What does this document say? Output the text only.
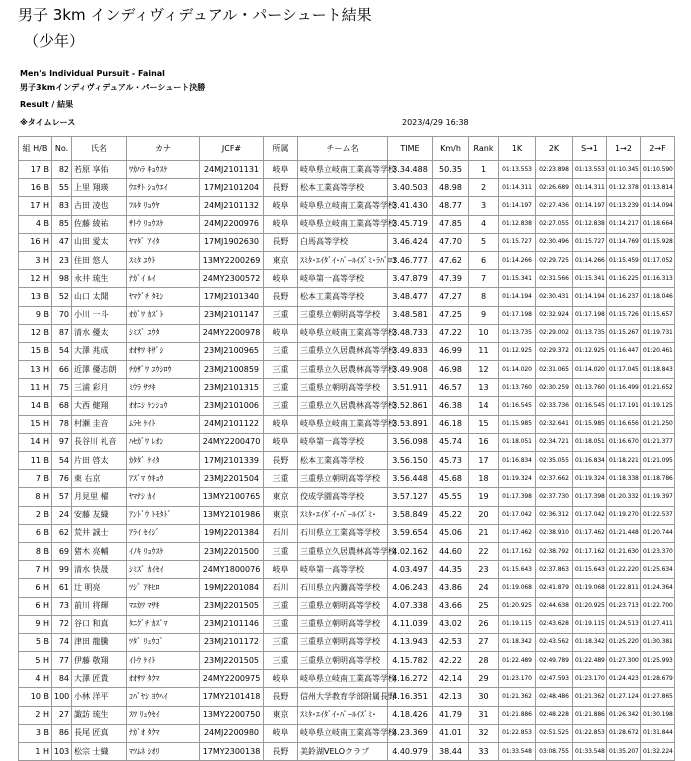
男子 3km インディヴィデュアル・パーシュート結果
（少年）
Men's Individual Pursuit - Fainal
男子3kmインディヴィデュアル・パーシュート決勝
Result / 結果
※タイムレース	2023/4/29 16:38
組 H/B	No.	氏名	カナ	JCF#	所属	チーム名	TIME	Km/h	Rank	1K	2K	S→1	1→2	2→F
17 B	82	若原 享佑	ﾜｶﾊﾗ ｷｮｳｽｹ	24MJ2101131	岐阜	岐阜県立岐南工業高等学校	3.34.488	50.35	1	01:13.553	02:23.898	01:13.553	01:10.345	01:10.590
16 B	55	上里 翔瑛	ｳｴｻﾄ ｼｮｳｴｲ	17MJ2101204	長野	松本工業高等学校	3.40.503	48.98	2	01:14.311	02:26.689	01:14.311	01:12.378	01:13.814
17 H	83	古田 凌也	ﾌﾙﾀ ﾘｮｳﾔ	24MJ2101132	岐阜	岐阜県立岐南工業高等学校	3.41.430	48.77	3	01:14.197	02:27.436	01:14.197	01:13.239	01:14.094
4 B	85	佐藤 綾祐	ｻﾄｳ ﾘｮｳｽｹ	24MJ2200976	岐阜	岐阜県立岐南工業高等学校	3.45.719	47.85	4	01:12.838	02:27.055	01:12.838	01:14.217	01:18.664
16 H	47	山田 愛太	ﾔﾏﾀﾞ ｱｲﾀ	17MJ1902630	長野	白馬高等学校	3.46.424	47.70	5	01:15.727	02:30.496	01:15.727	01:14.769	01:15.928
3 H	23	住田 悠人	ｽﾐﾀ ﾕｳﾄ	13MY2200269	東京	ｽﾐﾀ･ｴｲﾀﾞｲ･ﾊﾟｰﾙｲｽﾞﾐ･ﾗﾊﾟﾛｺ	3.46.777	47.62	6	01:14.266	02:29.725	01:14.266	01:15.459	01:17.052
12 H	98	永井 琉生	ﾅｶﾞｲ ﾙｲ	24MY2300572	岐阜	岐阜第一高等学校	3.47.879	47.39	7	01:15.341	02:31.566	01:15.341	01:16.225	01:16.313
13 B	52	山口 太聞	ﾔﾏｸﾞﾁ ﾀﾓﾝ	17MJ2101340	長野	松本工業高等学校	3.48.477	47.27	8	01:14.194	02:30.431	01:14.194	01:16.237	01:18.046
9 B	70	小川 一斗	ｵｶﾞﾜ ｶｽﾞﾄ	23MJ2101147	三重	三重県立朝明高等学校	3.48.581	47.25	9	01:17.198	02:32.924	01:17.198	01:15.726	01:15.657
12 B	87	清水 優太	ｼﾐｽﾞ ﾕｳﾀ	24MY2200978	岐阜	岐阜県立岐南工業高等学校	3.48.733	47.22	10	01:13.735	02:29.002	01:13.735	01:15.267	01:19.731
15 B	54	大澤 兆成	ｵｵｻﾜ ｷｻﾞｼ	23MJ2100965	三重	三重県立久居農林高等学校	3.49.833	46.99	11	01:12.925	02:29.372	01:12.925	01:16.447	01:20.461
13 H	66	近澤 優志朗	ﾁｶｻﾞﾜ ﾕｳｼﾛｳ	23MJ2100859	三重	三重県立久居農林高等学校	3.49.908	46.98	12	01:14.020	02:31.065	01:14.020	01:17.045	01:18.843
11 H	75	三浦 彩月	ﾐｳﾗ ｻﾂｷ	23MJ2101315	三重	三重県立朝明高等学校	3.51.911	46.57	13	01:13.760	02:30.259	01:13.760	01:16.499	01:21.652
14 B	68	大西 健翔	ｵｵﾆｼ ｹﾝｼｮｳ	23MJ2101006	三重	三重県立久居農林高等学校	3.52.861	46.38	14	01:16.545	02:33.736	01:16.545	01:17.191	01:19.125
15 H	78	村瀬 圭音	ﾑﾗｾ ｹｲﾄ	24MJ2101122	岐阜	岐阜県立岐南工業高等学校	3.53.891	46.18	15	01:15.985	02:32.641	01:15.985	01:16.656	01:21.250
14 H	97	長谷川 礼音	ﾊｾｶﾞﾜ ﾚｵﾝ	24MY2200470	岐阜	岐阜第一高等学校	3.56.098	45.74	16	01:18.051	02:34.721	01:18.051	01:16.670	01:21.377
11 B	54	片田 啓太	ｶﾀﾀﾞ ｹｲﾀ	17MJ2101339	長野	松本工業高等学校	3.56.150	45.73	17	01:16.834	02:35.055	01:16.834	01:18.221	01:21.095
7 B	76	東 右京	ｱｽﾞﾏ ｳｷｮｳ	23MJ2201504	三重	三重県立朝明高等学校	3.56.448	45.68	18	01:19.324	02:37.662	01:19.324	01:18.338	01:18.786
8 H	57	月見里 櫂	ﾔﾏﾅｼ ｶｲ	13MY2100765	東京	佼成学園高等学校	3.57.127	45.55	19	01:17.398	02:37.730	01:17.398	01:20.332	01:19.397
2 B	24	安藤 友織	ｱﾝﾄﾞｳ ﾄﾓﾀﾄﾞ	13MY2101986	東京	ｽﾐﾀ･ｴｲﾀﾞｲ･ﾊﾟｰﾙｲｽﾞﾐ･	3.58.849	45.22	20	01:17.042	02:36.312	01:17.042	01:19.270	01:22.537
6 B	62	荒井 誠士	ｱﾗｲ ｾｲｼﾞ	19MJ2201384	石川	石川県立工業高等学校	3.59.654	45.06	21	01:17.462	02:38.910	01:17.462	01:21.448	01:20.744
8 B	69	猪木 亮輔	ｲﾉｷ ﾘｮｳｽｹ	23MJ2201500	三重	三重県立久居農林高等学校	4.02.162	44.60	22	01:17.162	02:38.792	01:17.162	01:21.630	01:23.370
7 H	99	清水 快晟	ｼﾐｽﾞ ｶｲｾｲ	24MY1800076	岐阜	岐阜第一高等学校	4.03.497	44.35	23	01:15.643	02:37.863	01:15.643	01:22.220	01:25.634
6 H	61	辻 明亮	ﾂｼﾞ ｱｷﾋﾛ	19MJ2201084	石川	石川県立内灘高等学校	4.06.243	43.86	24	01:19.068	02:41.879	01:19.068	01:22.811	01:24.364
6 H	73	前川 将輝	ﾏｴｶﾜ ﾏｻｷ	23MJ2201505	三重	三重県立朝明高等学校	4.07.338	43.66	25	01:20.925	02:44.638	01:20.925	01:23.713	01:22.700
9 H	72	谷口 和真	ﾀﾆｸﾞﾁ ｶｽﾞﾏ	23MJ2101146	三重	三重県立朝明高等学校	4.11.039	43.02	26	01:19.115	02:43.628	01:19.115	01:24.513	01:27.411
5 B	74	津田 龍騰	ﾂﾀﾞ ﾘｭｳｺﾞ	23MJ2101172	三重	三重県立朝明高等学校	4.13.943	42.53	27	01:18.342	02:43.562	01:18.342	01:25.220	01:30.381
5 H	77	伊藤 敬翔	ｲﾄｳ ｹｲﾄ	23MJ2201505	三重	三重県立朝明高等学校	4.15.782	42.22	28	01:22.489	02:49.789	01:22.489	01:27.300	01:25.993
4 H	84	大澤 匠貴	ｵｵｻﾜ ﾀｸﾏ	24MY2200975	岐阜	岐阜県立岐南工業高等学校	4.16.272	42.14	29	01:23.170	02:47.593	01:23.170	01:24.423	01:28.679
10 B	100	小林 洋平	ｺﾊﾞﾔｼ ﾖｳﾍｲ	17MY2101418	長野	信州大学教育学部附属長野	4.16.351	42.13	30	01:21.362	02:48.486	01:21.362	01:27.124	01:27.865
2 H	27	諏訪 琉生	ｽﾜ ﾘｭｳｾｲ	13MY2200750	東京	ｽﾐﾀ･ｴｲﾀﾞｲ･ﾊﾟｰﾙｲｽﾞﾐ･	4.18.426	41.79	31	01:21.886	02:48.228	01:21.886	01:26.342	01:30.198
3 B	86	長尾 匠真	ﾅｶﾞｵ ﾀｸﾏ	24MJ2200980	岐阜	岐阜県立岐南工業高等学校	4.23.369	41.01	32	01:22.853	02:51.525	01:22.853	01:28.672	01:31.844
1 H	103	松宗 士織	ﾏﾂﾑﾈ ｼｵﾘ	17MY2300138	長野	美鈴湖VELOクラブ	4.40.979	38.44	33	01:33.548	03:08.755	01:33.548	01:35.207	01:32.224
